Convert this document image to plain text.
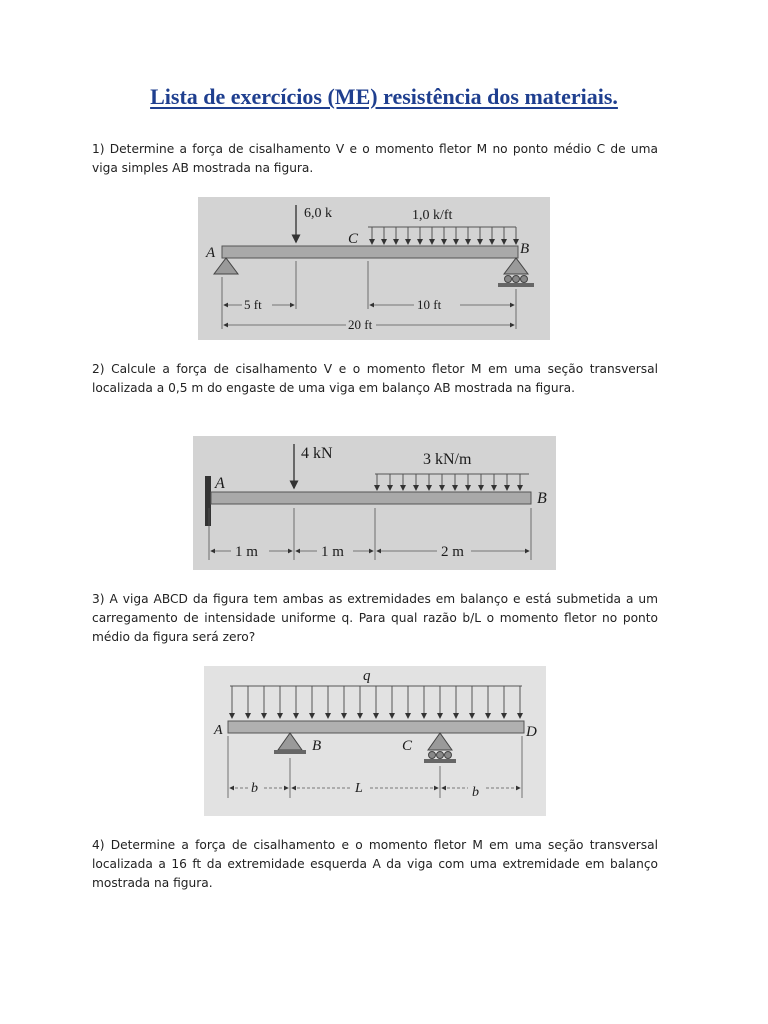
Lista de exercícios (ME) resistência dos materiais.
1) Determine a força de cisalhamento V e o momento fletor M no ponto médio C de uma viga simples AB mostrada na figura.
6,0 k	1,0 k/ft
A
C
B
5 ft	10 ft
20 ft
2) Calcule a força de cisalhamento V e o momento fletor M em uma seção transversal localizada a 0,5 m do engaste de uma viga em balanço AB mostrada na figura.
4 kN	3 kN/m
A
B
1 m	1 m	2 m
3) A viga ABCD da figura tem ambas as extremidades em balanço e está submetida a um carregamento de intensidade uniforme q. Para qual razão b/L o momento fletor no ponto médio da figura será zero?
q
A
B	C
D
b	L	b
4) Determine a força de cisalhamento e o momento fletor M em uma seção transversal localizada a 16 ft da extremidade esquerda A da viga com uma extremidade em balanço mostrada na figura.
